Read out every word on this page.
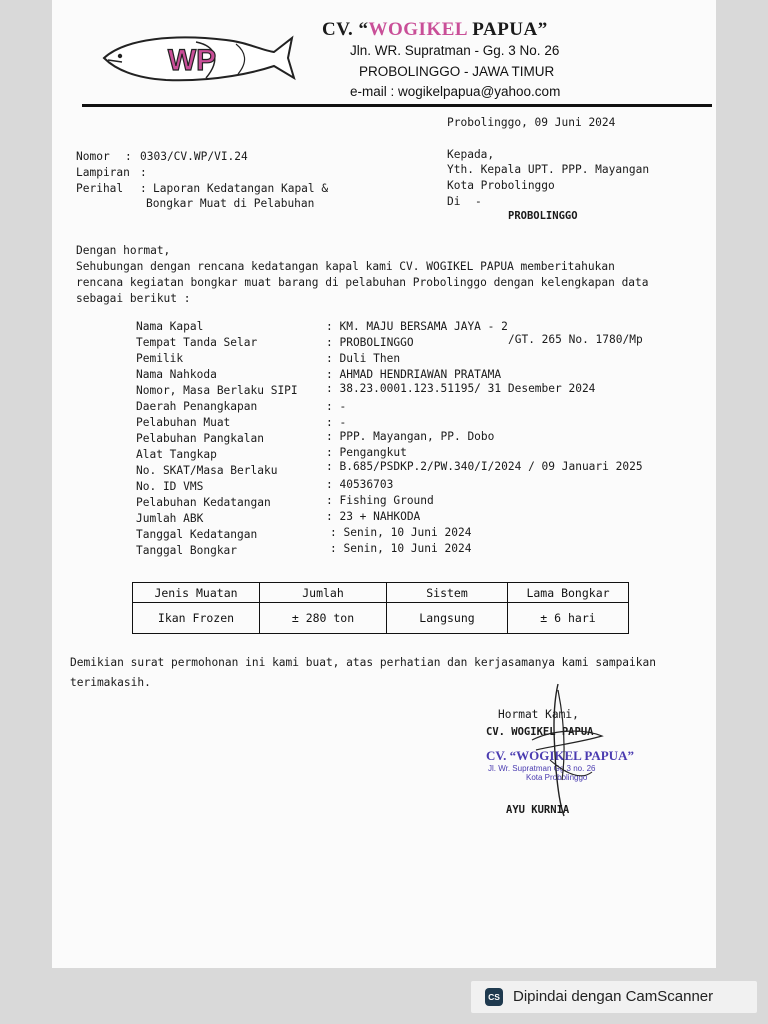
WP
CV. “WOGIKEL PAPUA”
Jln. WR. Supratman - Gg. 3 No. 26
PROBOLINGGO - JAWA TIMUR
e-mail : wogikelpapua@yahoo.com
Probolinggo, 09 Juni 2024
Nomor : 0303/CV.WP/VI.24
Lampiran :
Perihal : Laporan Kedatangan Kapal &
Bongkar Muat di Pelabuhan
Kepada,
Yth. Kepala UPT. PPP. Mayangan
Kota Probolinggo
Di -
PROBOLINGGO
Dengan hormat,
Sehubungan dengan rencana kedatangan kapal kami CV. WOGIKEL PAPUA memberitahukan
rencana kegiatan bongkar muat barang di pelabuhan Probolinggo dengan kelengkapan data
sebagai berikut :
Nama Kapal	: KM. MAJU BERSAMA JAYA - 2
Tempat Tanda Selar	: PROBOLINGGO	/GT. 265 No. 1780/Mp
Pemilik	: Duli Then
Nama Nahkoda	: AHMAD HENDRIAWAN PRATAMA
Nomor, Masa Berlaku SIPI	: 38.23.0001.123.51195/ 31 Desember 2024
Daerah Penangkapan	: -
Pelabuhan Muat	: -
Pelabuhan Pangkalan	: PPP. Mayangan, PP. Dobo
Alat Tangkap	: Pengangkut
No. SKAT/Masa Berlaku	: B.685/PSDKP.2/PW.340/I/2024 / 09 Januari 2025
No. ID VMS	: 40536703
Pelabuhan Kedatangan	: Fishing Ground
Jumlah ABK	: 23 + NAHKODA
Tanggal Kedatangan	: Senin, 10 Juni 2024
Tanggal Bongkar	: Senin, 10 Juni 2024
Jenis Muatan	Jumlah	Sistem	Lama Bongkar
Ikan Frozen	± 280 ton	Langsung	± 6 hari
Demikian surat permohonan ini kami buat, atas perhatian dan kerjasamanya kami sampaikan
terimakasih.
Hormat Kami,
CV. WOGIKEL PAPUA
CV. “WOGIKEL PAPUA”
Jl. Wr. Supratman Gg.3 no. 26
Kota Probolinggo
AYU KURNIA
CS Dipindai dengan CamScanner
